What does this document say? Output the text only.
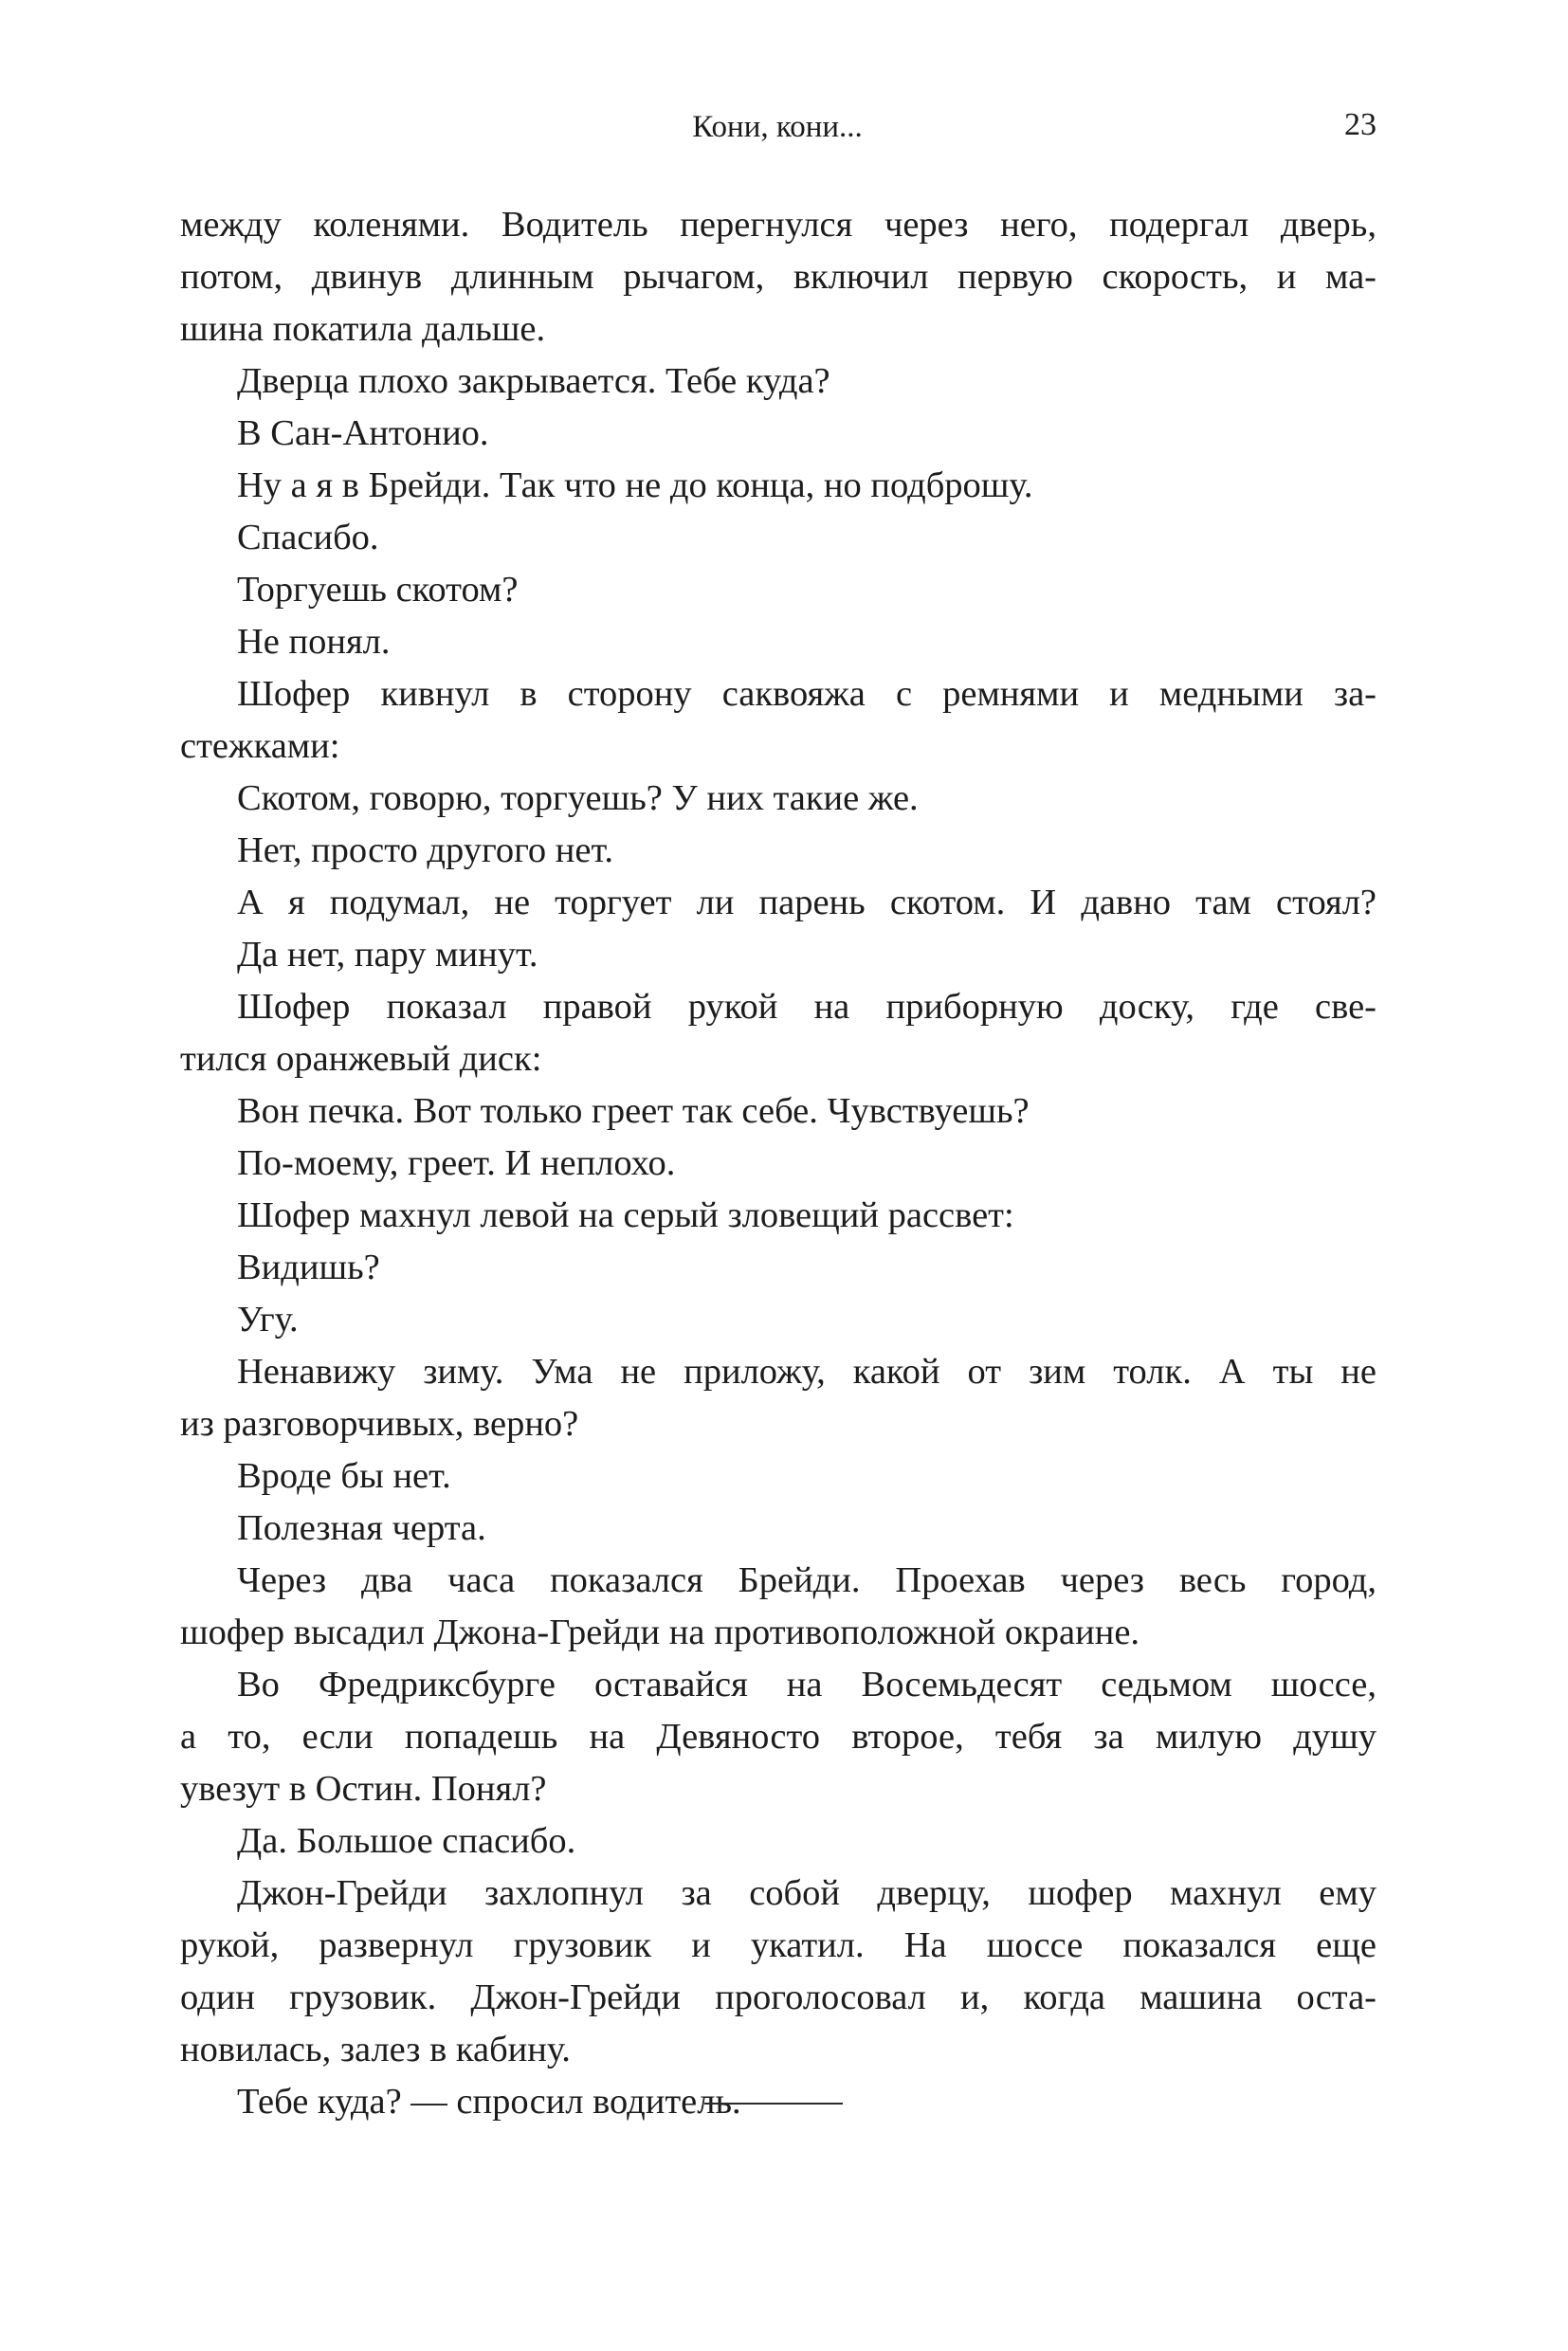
Кони, кони...	23
между коленями. Водитель перегнулся через него, подергал дверь,
потом, двинув длинным рычагом, включил первую скорость, и ма-
шина покатила дальше.
Дверца плохо закрывается. Тебе куда?
В Сан-Антонио.
Ну а я в Брейди. Так что не до конца, но подброшу.
Спасибо.
Торгуешь скотом?
Не понял.
Шофер кивнул в сторону саквояжа с ремнями и медными за-
стежками:
Скотом, говорю, торгуешь? У них такие же.
Нет, просто другого нет.
А я подумал, не торгует ли парень скотом. И давно там стоял?
Да нет, пару минут.
Шофер показал правой рукой на приборную доску, где све-
тился оранжевый диск:
Вон печка. Вот только греет так себе. Чувствуешь?
По-моему, греет. И неплохо.
Шофер махнул левой на серый зловещий рассвет:
Видишь?
Угу.
Ненавижу зиму. Ума не приложу, какой от зим толк. А ты не
из разговорчивых, верно?
Вроде бы нет.
Полезная черта.
Через два часа показался Брейди. Проехав через весь город,
шофер высадил Джона-Грейди на противоположной окраине.
Во Фредриксбурге оставайся на Восемьдесят седьмом шоссе,
а то, если попадешь на Девяносто второе, тебя за милую душу
увезут в Остин. Понял?
Да. Большое спасибо.
Джон-Грейди захлопнул за собой дверцу, шофер махнул ему
рукой, развернул грузовик и укатил. На шоссе показался еще
один грузовик. Джон-Грейди проголосовал и, когда машина оста-
новилась, залез в кабину.
Тебе куда? — спросил водитель.
